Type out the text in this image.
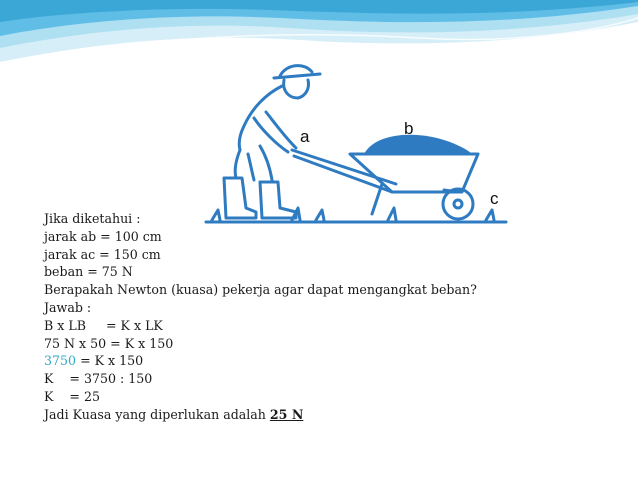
a	b
c
Jika diketahui :
jarak ab = 100 cm
jarak ac = 150 cm
beban = 75 N
Berapakah Newton (kuasa) pekerja agar dapat mengangkat beban?
Jawab :
B x LB     = K x LK
75 N x 50 = K x 150
3750 = K x 150
K    = 3750 : 150
K    = 25
Jadi Kuasa yang diperlukan adalah 25 N
